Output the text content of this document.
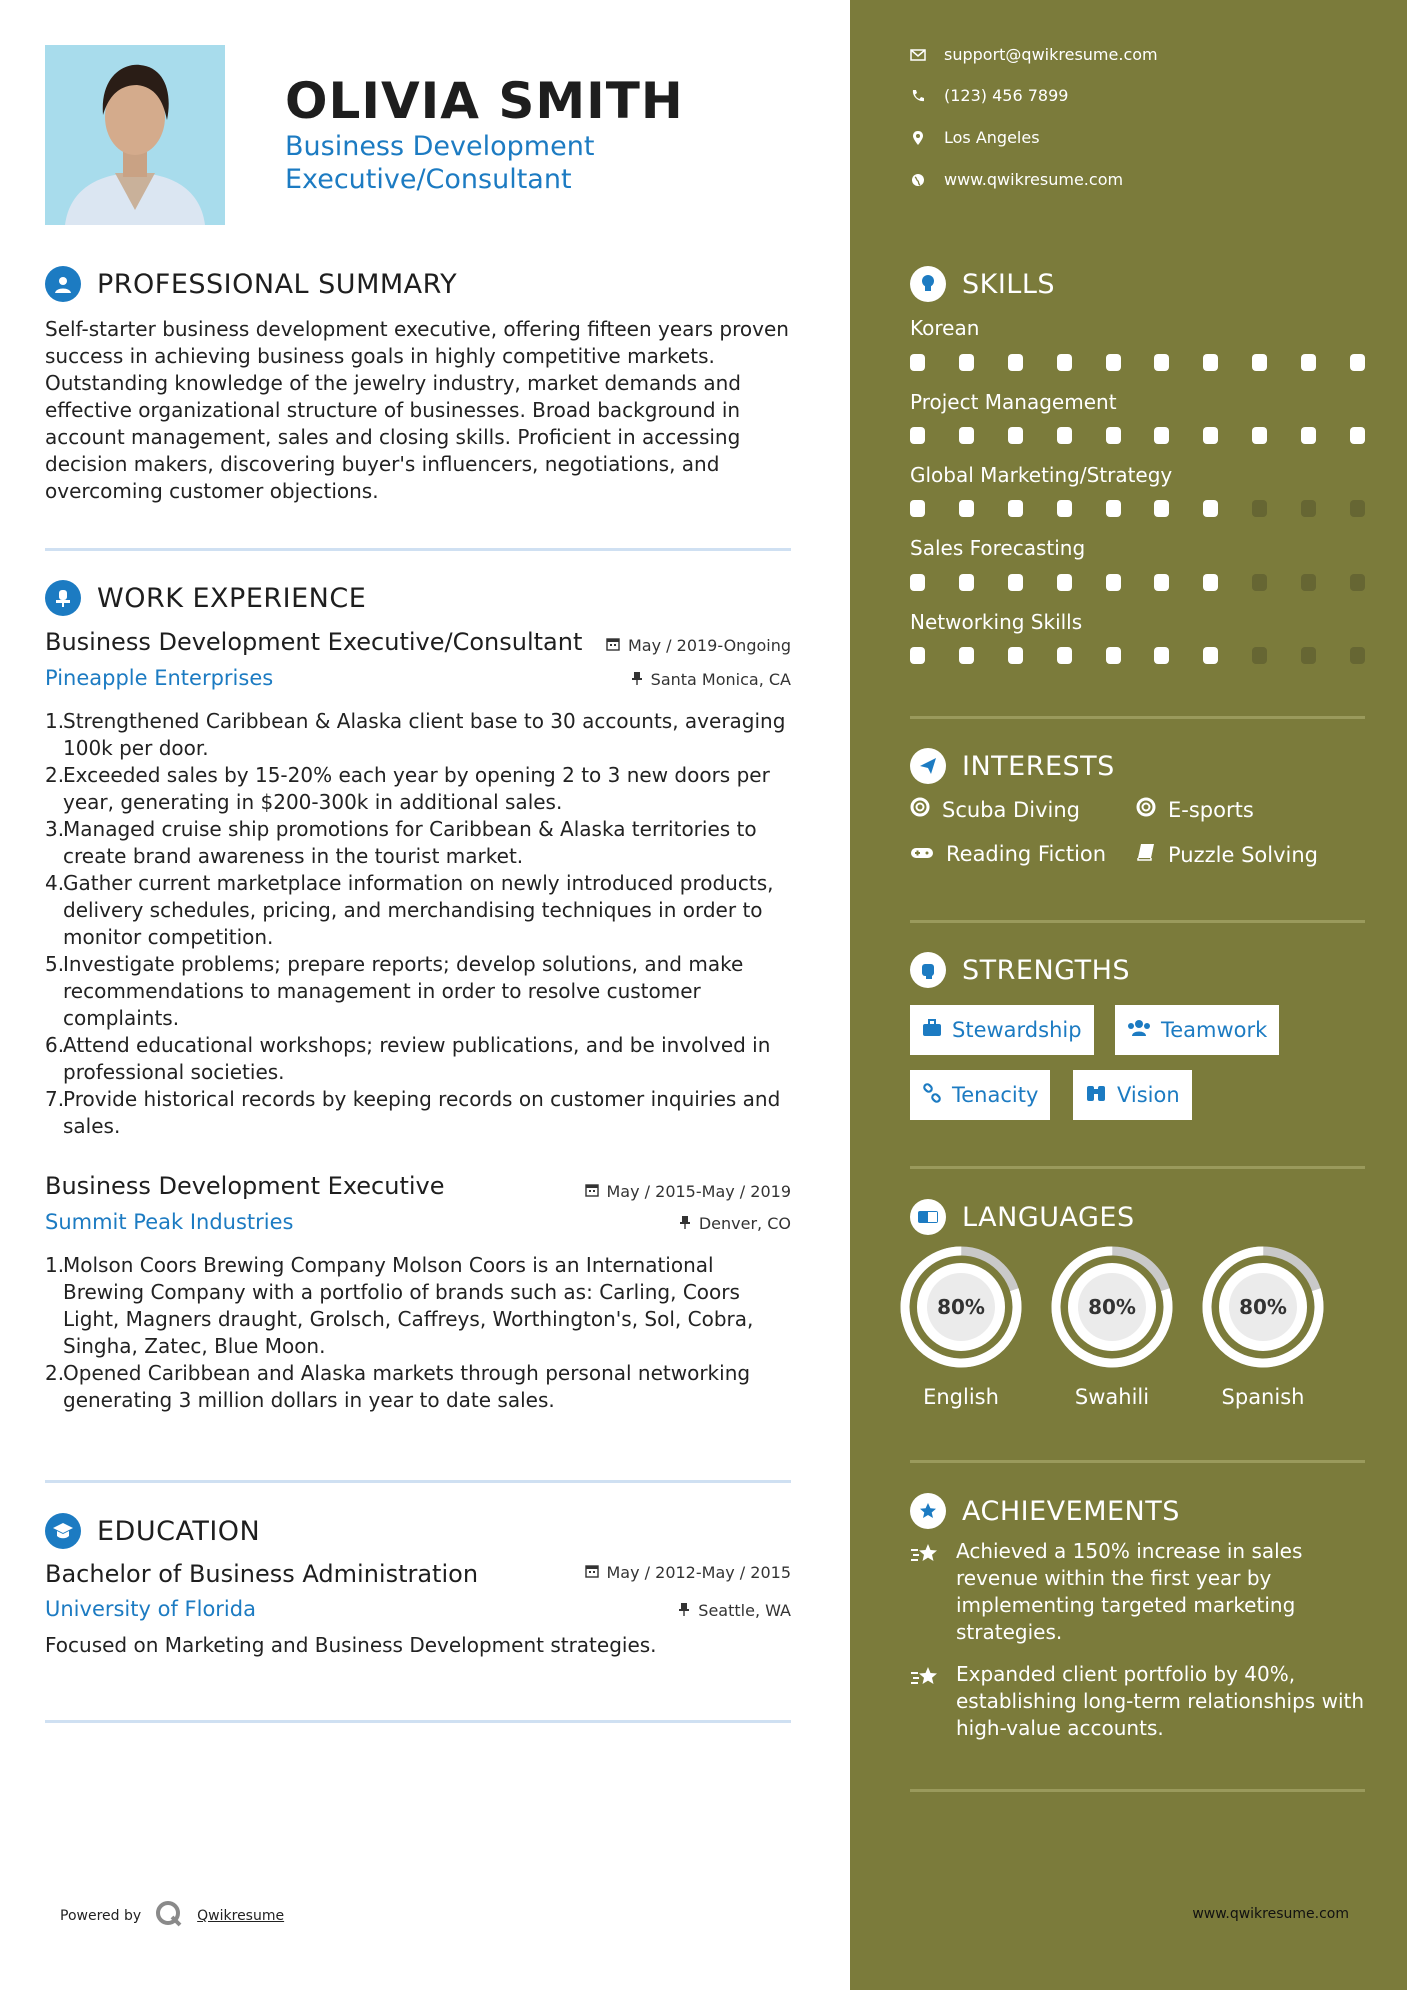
OLIVIA SMITH
Business Development Executive/Consultant
PROFESSIONAL SUMMARY
Self-starter business development executive, offering fifteen years proven success in achieving business goals in highly competitive markets. Outstanding knowledge of the jewelry industry, market demands and effective organizational structure of businesses. Broad background in account management, sales and closing skills. Proficient in accessing decision makers, discovering buyer's influencers, negotiations, and overcoming customer objections.
WORK EXPERIENCE
Business Development Executive/Consultant	May / 2019-Ongoing
Pineapple Enterprises	Santa Monica, CA
1.
Strengthened Caribbean & Alaska client base to 30 accounts, averaging 100k per door.
2.
Exceeded sales by 15-20% each year by opening 2 to 3 new doors per year, generating in $200-300k in additional sales.
3.
Managed cruise ship promotions for Caribbean & Alaska territories to create brand awareness in the tourist market.
4.
Gather current marketplace information on newly introduced products, delivery schedules, pricing, and merchandising techniques in order to monitor competition.
5.
Investigate problems; prepare reports; develop solutions, and make recommendations to management in order to resolve customer complaints.
6.
Attend educational workshops; review publications, and be involved in professional societies.
7.
Provide historical records by keeping records on customer inquiries and sales.
Business Development Executive	May / 2015-May / 2019
Summit Peak Industries	Denver, CO
1.
Molson Coors Brewing Company Molson Coors is an International Brewing Company with a portfolio of brands such as: Carling, Coors Light, Magners draught, Grolsch, Caffreys, Worthington's, Sol, Cobra, Singha, Zatec, Blue Moon.
2.
Opened Caribbean and Alaska markets through personal networking generating 3 million dollars in year to date sales.
EDUCATION
Bachelor of Business Administration	May / 2012-May / 2015
University of Florida	Seattle, WA
Focused on Marketing and Business Development strategies.
Powered by	Qwikresume
support@qwikresume.com
(123) 456 7899
Los Angeles
www.qwikresume.com
SKILLS
Korean
Project Management
Global Marketing/Strategy
Sales Forecasting
Networking Skills
INTERESTS
Scuba Diving	E-sports
Reading Fiction	Puzzle Solving
STRENGTHS
Stewardship	Teamwork
Tenacity	Vision
LANGUAGES
80%
English
80%
Swahili
80%
Spanish
ACHIEVEMENTS
Achieved a 150% increase in sales revenue within the first year by implementing targeted marketing strategies.
Expanded client portfolio by 40%, establishing long-term relationships with high-value accounts.
www.qwikresume.com
